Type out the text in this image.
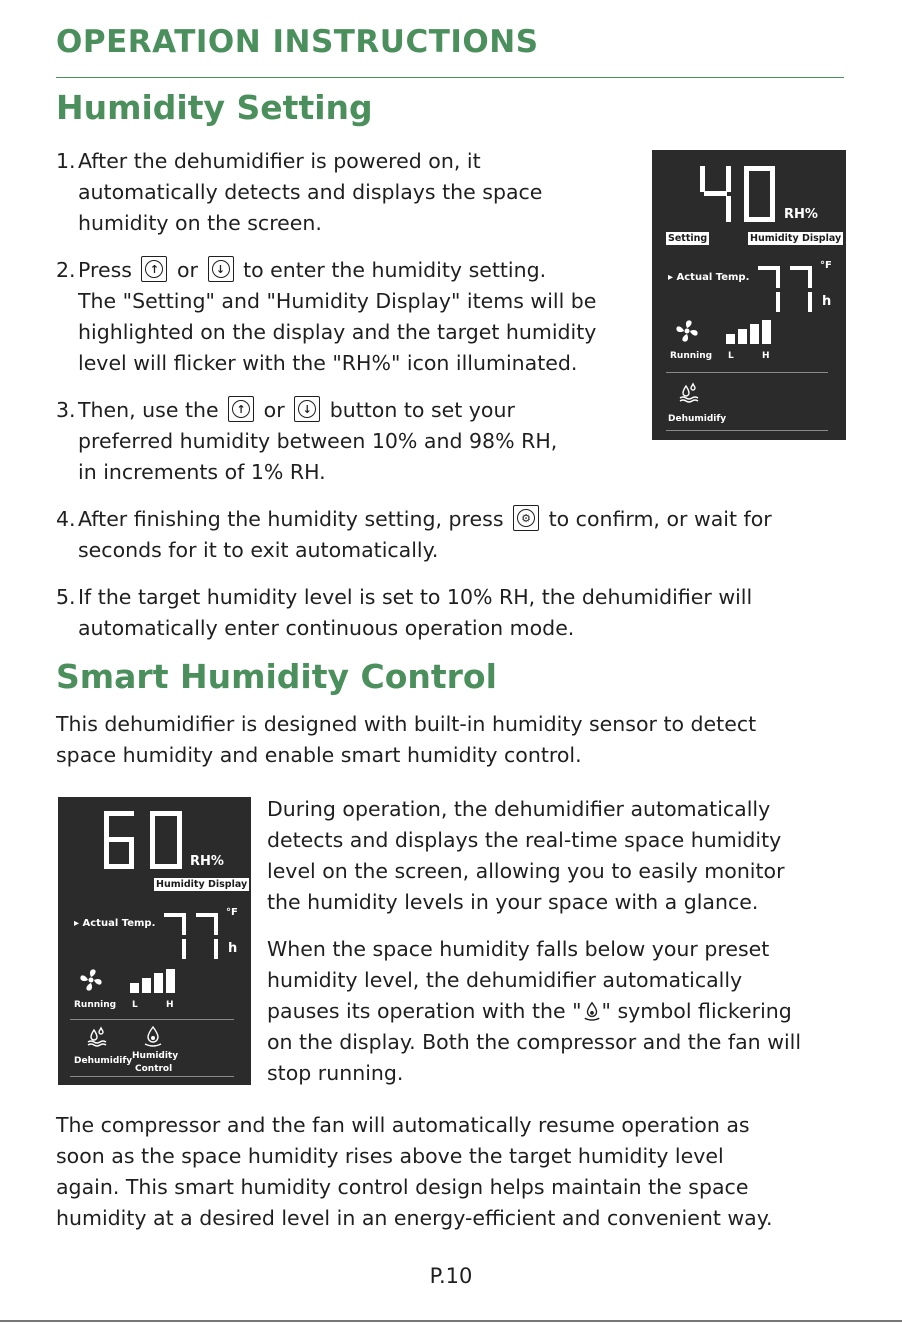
OPERATION INSTRUCTIONS
Humidity Setting
1. After the dehumidifier is powered on, it
automatically detects and displays the space
humidity on the screen.
2. Press	↑ or	↓ to enter the humidity setting.
The "Setting" and "Humidity Display" items will be
highlighted on the display and the target humidity
level will flicker with the "RH%" icon illuminated.
3. Then, use the	↑ or	↓ button to set your
preferred humidity between 10% and 98% RH,
in increments of 1% RH.
4. After finishing the humidity setting, press	⚙ to confirm, or wait for
seconds for it to exit automatically.
5. If the target humidity level is set to 10% RH, the dehumidifier will
automatically enter continuous operation mode.
RH%
Setting	Humidity Display
▸ Actual Temp.
°F
h
Running L	H
Dehumidify
Smart Humidity Control
This dehumidifier is designed with built-in humidity sensor to detect
space humidity and enable smart humidity control.
RH%
Humidity Display
▸ Actual Temp.
°F
h
Running L	H
Dehumidify Humidity
Control
During operation, the dehumidifier automatically
detects and displays the real-time space humidity
level on the screen, allowing you to easily monitor
the humidity levels in your space with a glance.
When the space humidity falls below your preset
humidity level, the dehumidifier automatically
pauses its operation with the " " symbol flickering
on the display. Both the compressor and the fan will
stop running.
The compressor and the fan will automatically resume operation as
soon as the space humidity rises above the target humidity level
again. This smart humidity control design helps maintain the space
humidity at a desired level in an energy-efficient and convenient way.
P.10
